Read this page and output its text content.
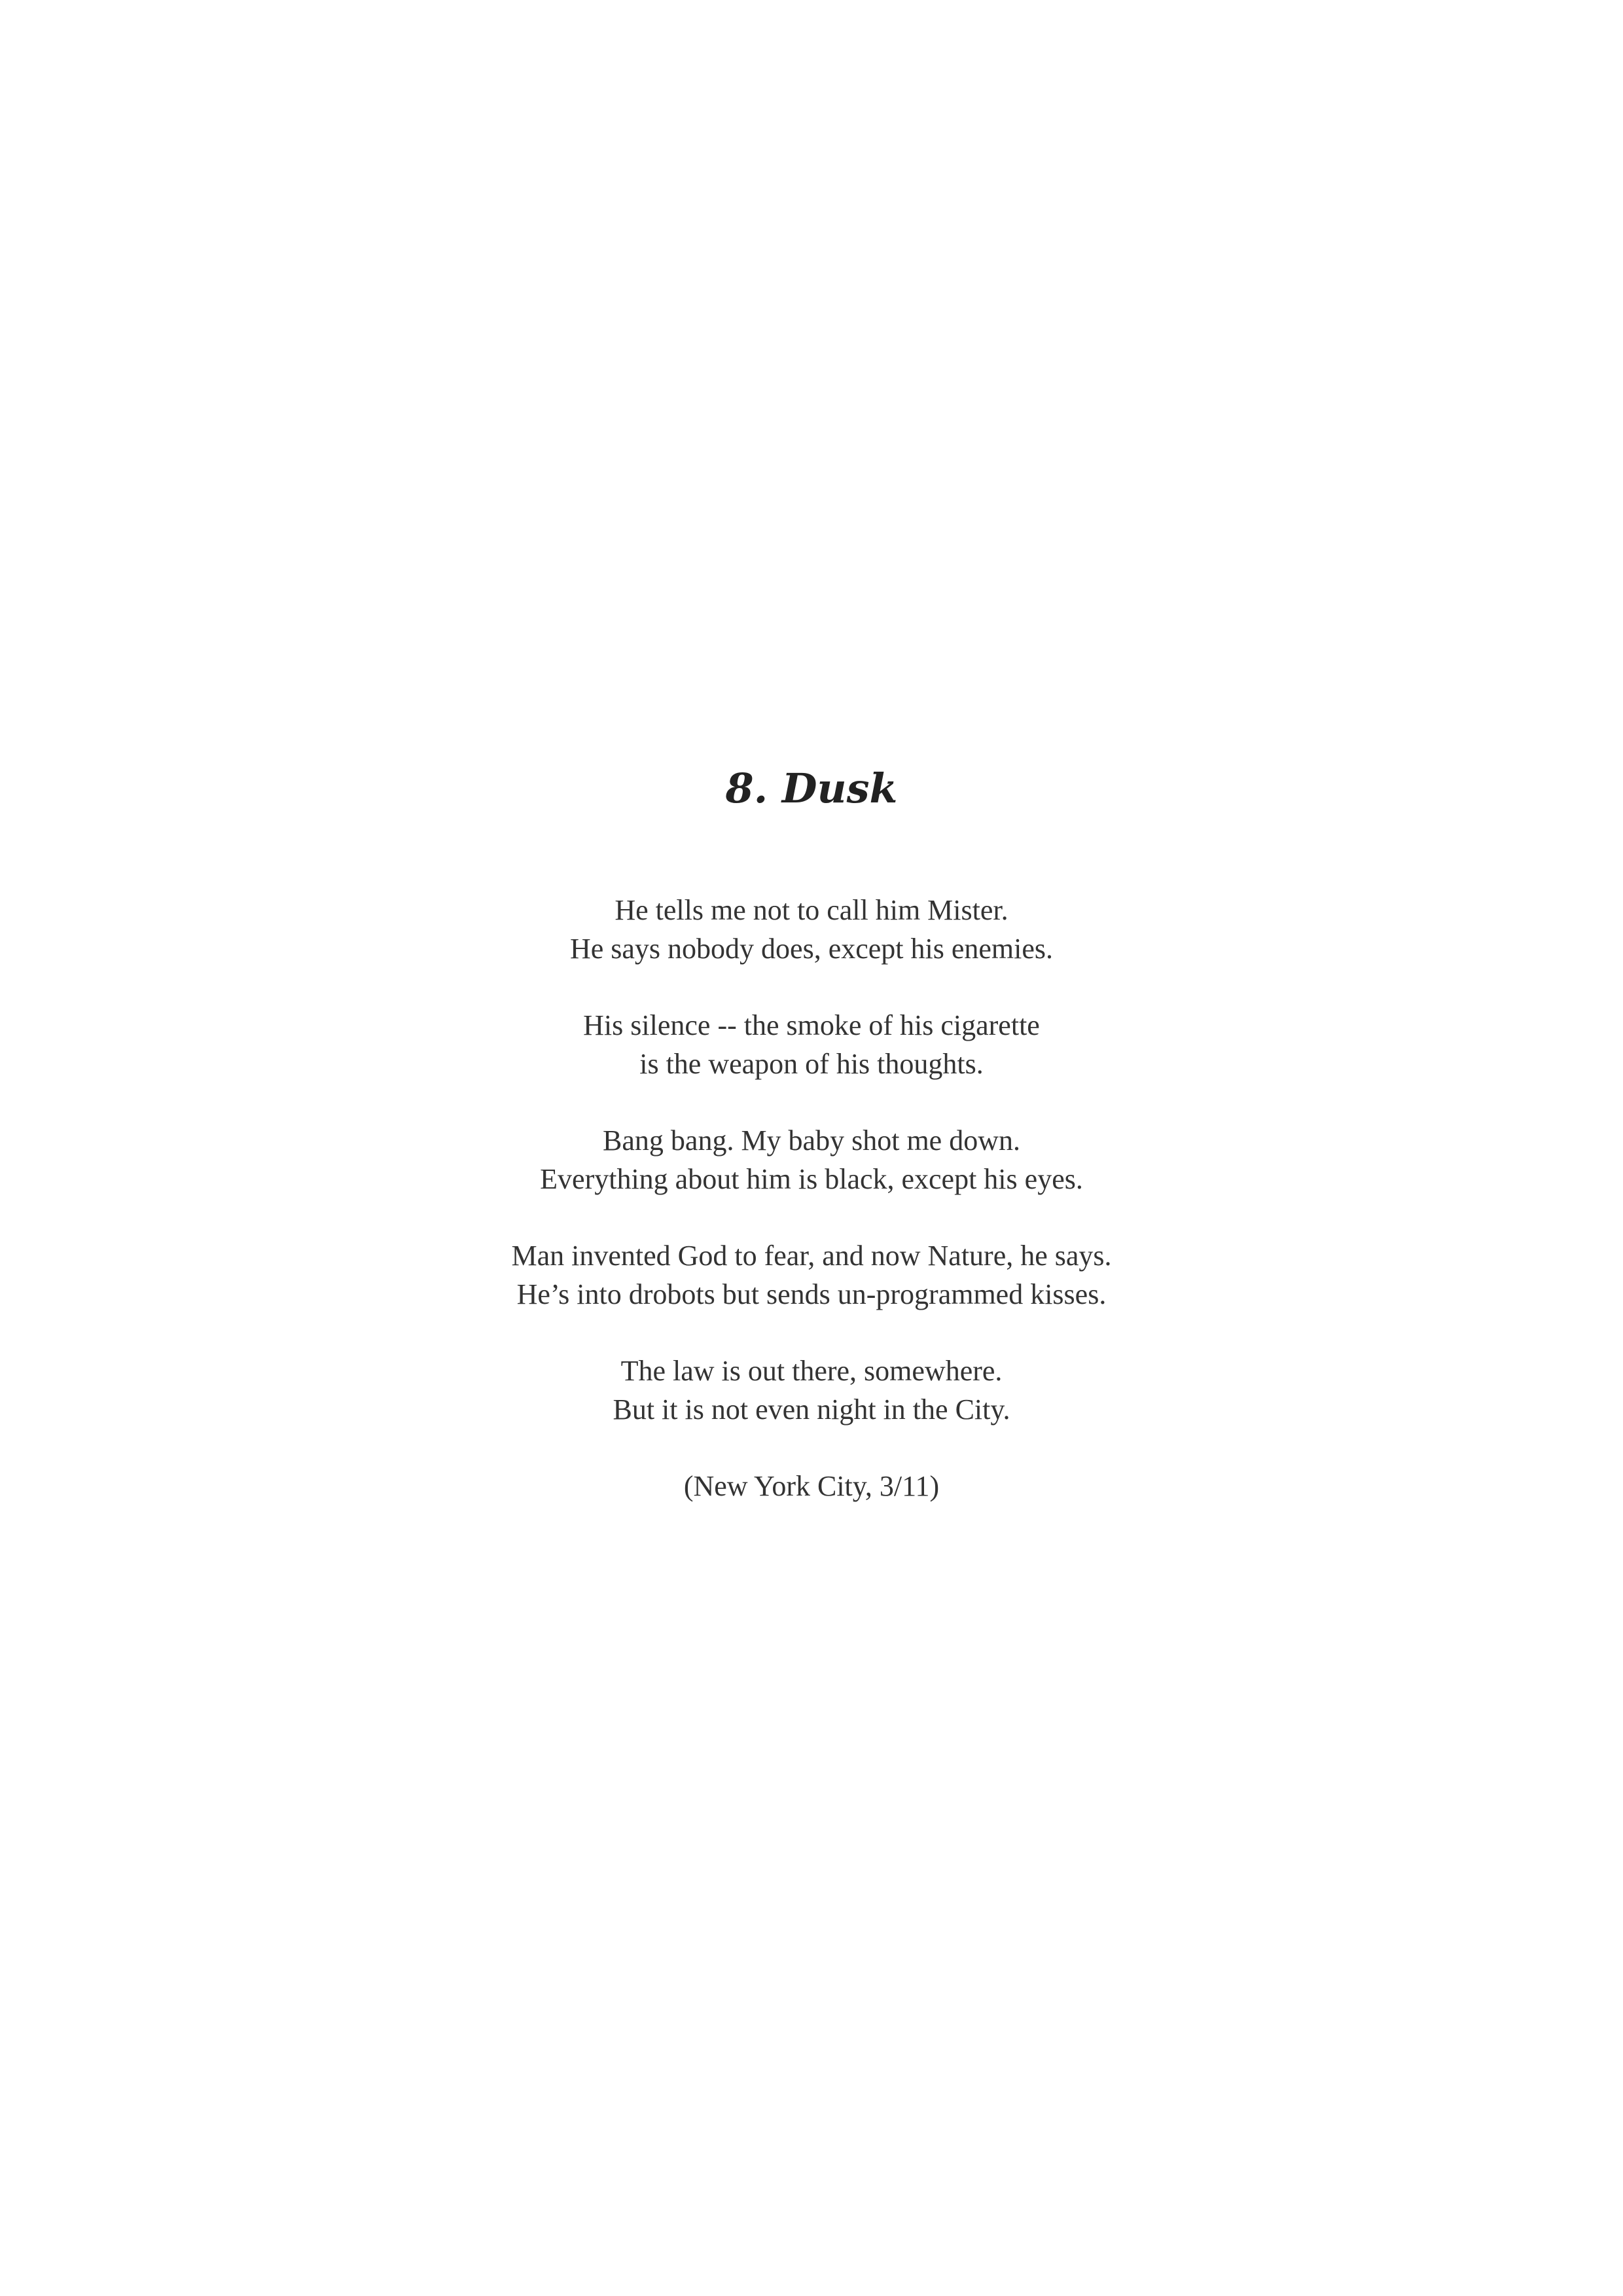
8. Dusk
He tells me not to call him Mister.
He says nobody does, except his enemies.
His silence -- the smoke of his cigarette
is the weapon of his thoughts.
Bang bang. My baby shot me down.
Everything about him is black, except his eyes.
Man invented God to fear, and now Nature, he says.
He’s into drobots but sends un-programmed kisses.
The law is out there, somewhere.
But it is not even night in the City.
(New York City, 3/11)
